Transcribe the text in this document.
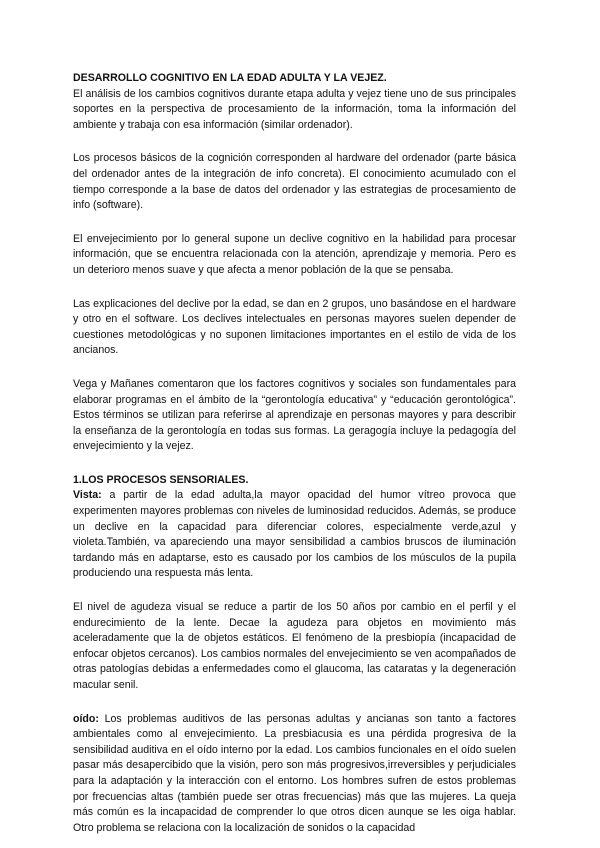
DESARROLLO COGNITIVO EN LA EDAD ADULTA Y LA VEJEZ.

El análisis de los cambios cognitivos durante etapa adulta y vejez tiene uno de sus principales soportes en la perspectiva de procesamiento de la información, toma la información del ambiente y trabaja con esa información (similar ordenador).

Los procesos básicos de la cognición corresponden al hardware del ordenador (parte básica del ordenador antes de la integración de info concreta). El conocimiento acumulado con el tiempo corresponde a la base de datos del ordenador y las estrategias de procesamiento de info (software).

El envejecimiento por lo general supone un declive cognitivo en la habilidad para procesar información, que se encuentra relacionada con la atención, aprendizaje y memoria. Pero es un deterioro menos suave y que afecta a menor población de la que se pensaba.

Las explicaciones del declive por la edad, se dan en 2 grupos, uno basándose en el hardware y otro en el software. Los declives intelectuales en personas mayores suelen depender de cuestiones metodológicas y no suponen limitaciones importantes en el estilo de vida de los ancianos.

Vega y Mañanes comentaron que los factores cognitivos y sociales son fundamentales para elaborar programas en el ámbito de la “gerontología educativa” y “educación gerontológica”. Estos términos se utilizan para referirse al aprendizaje en personas mayores y para describir la enseñanza de la gerontología en todas sus formas. La geragogía incluye la pedagogía del envejecimiento y la vejez.

1.LOS PROCESOS SENSORIALES.

Vista: a partir de la edad adulta,la mayor opacidad del humor vítreo provoca que experimenten mayores problemas con niveles de luminosidad reducidos. Además, se produce un declive en la capacidad para diferenciar colores, especialmente verde,azul y violeta.También, va apareciendo una mayor sensibilidad a cambios bruscos de iluminación tardando más en adaptarse, esto es causado por los cambios de los músculos de la pupila produciendo una respuesta más lenta.

El nivel de agudeza visual se reduce a partir de los 50 años por cambio en el perfil y el endurecimiento de la lente. Decae la agudeza para objetos en movimiento más aceleradamente que la de objetos estáticos. El fenómeno de la presbiopía (incapacidad de enfocar objetos cercanos). Los cambios normales del envejecimiento se ven acompañados de otras patologías debidas a enfermedades como el glaucoma, las cataratas y la degeneración macular senil.

oído: Los problemas auditivos de las personas adultas y ancianas son tanto a factores ambientales como al envejecimiento. La presbiacusia es una pérdida progresiva de la sensibilidad auditiva en el oído interno por la edad. Los cambios funcionales en el oído suelen pasar más desapercibido que la visión, pero son más progresivos,irreversibles y perjudiciales para la adaptación y la interacción con el entorno. Los hombres sufren de estos problemas por frecuencias altas (también puede ser otras frecuencias) más que las mujeres. La queja más común es la incapacidad de comprender lo que otros dicen aunque se les oiga hablar. Otro problema se relaciona con la localización de sonidos o la capacidad
